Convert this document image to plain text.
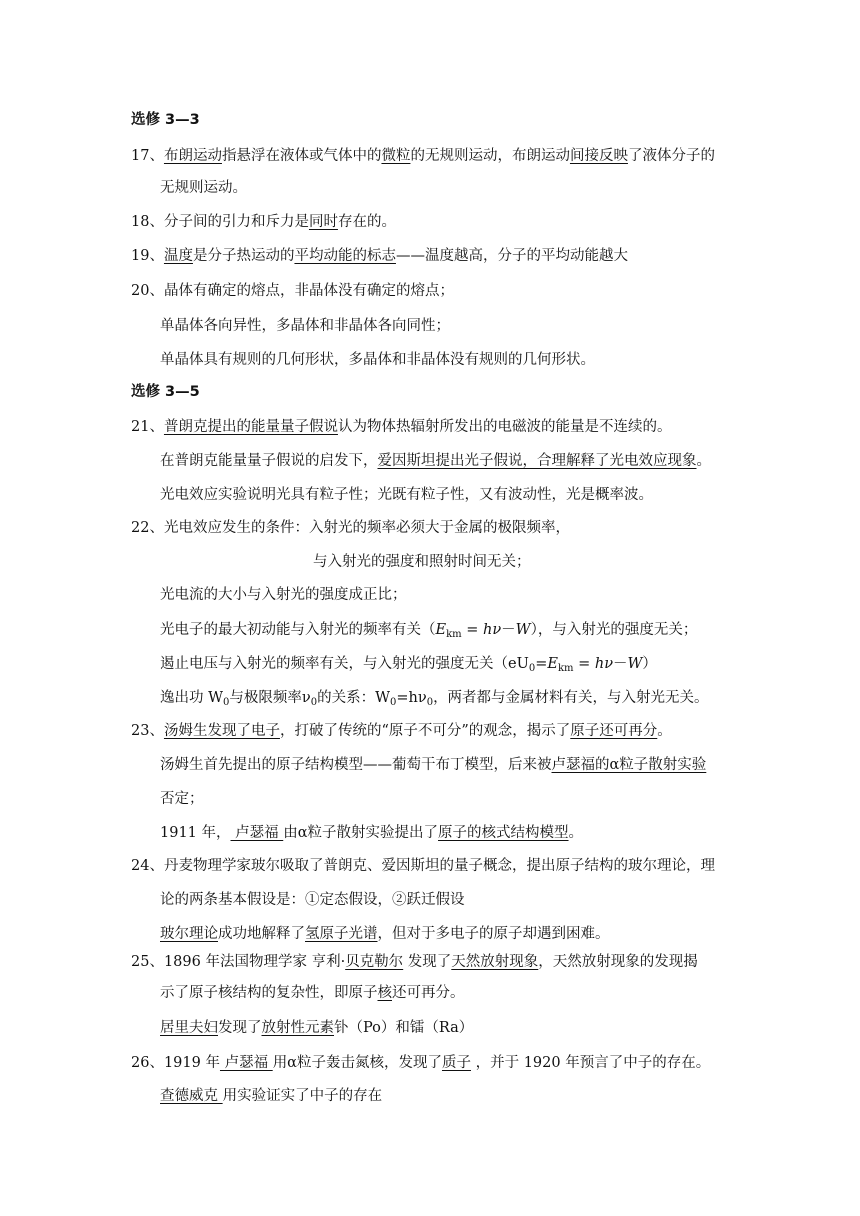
选修 3—3
17、布朗运动指悬浮在液体或气体中的微粒的无规则运动，布朗运动间接反映了液体分子的
无规则运动。
18、分子间的引力和斥力是同时存在的。
19、温度是分子热运动的平均动能的标志——温度越高，分子的平均动能越大
20、晶体有确定的熔点，非晶体没有确定的熔点；
单晶体各向异性，多晶体和非晶体各向同性；
单晶体具有规则的几何形状，多晶体和非晶体没有规则的几何形状。
选修 3—5
21、普朗克提出的能量量子假说认为物体热辐射所发出的电磁波的能量是不连续的。
在普朗克能量量子假说的启发下，爱因斯坦提出光子假说，合理解释了光电效应现象。
光电效应实验说明光具有粒子性；光既有粒子性，又有波动性，光是概率波。
22、光电效应发生的条件：入射光的频率必须大于金属的极限频率，
与入射光的强度和照射时间无关；
光电流的大小与入射光的强度成正比；
光电子的最大初动能与入射光的频率有关$(E_{km} = h\nu-W)$，与入射光的强度无关；
遏止电压与入射光的频率有关，与入射光的强度无关$(eU_0=E_{km} = h\nu-W)$
逸出功 $W_0$与极限频率$\nu_0$的关系：$W_0=h\nu_0$，两者都与金属材料有关，与入射光无关。
23、汤姆生发现了电子，打破了传统的“原子不可分”的观念，揭示了原子还可再分。
汤姆生首先提出的原子结构模型——葡萄干布丁模型，后来被卢瑟福的α粒子散射实验
否定；
1911 年， 卢瑟福 由α粒子散射实验提出了原子的核式结构模型。
24、丹麦物理学家玻尔吸取了普朗克、爱因斯坦的量子概念，提出原子结构的玻尔理论，理
论的两条基本假设是：①定态假设，②跃迁假设
玻尔理论成功地解释了氢原子光谱，但对于多电子的原子却遇到困难。
25、1896 年法国物理学家 亨利·贝克勒尔 发现了天然放射现象，天然放射现象的发现揭
示了原子核结构的复杂性，即原子核还可再分。
居里夫妇发现了放射性元素钋（Po）和镭（Ra）
26、1919 年 卢瑟福 用α粒子轰击氮核，发现了质子 ，并于 1920 年预言了中子的存在。
查德威克 用实验证实了中子的存在
